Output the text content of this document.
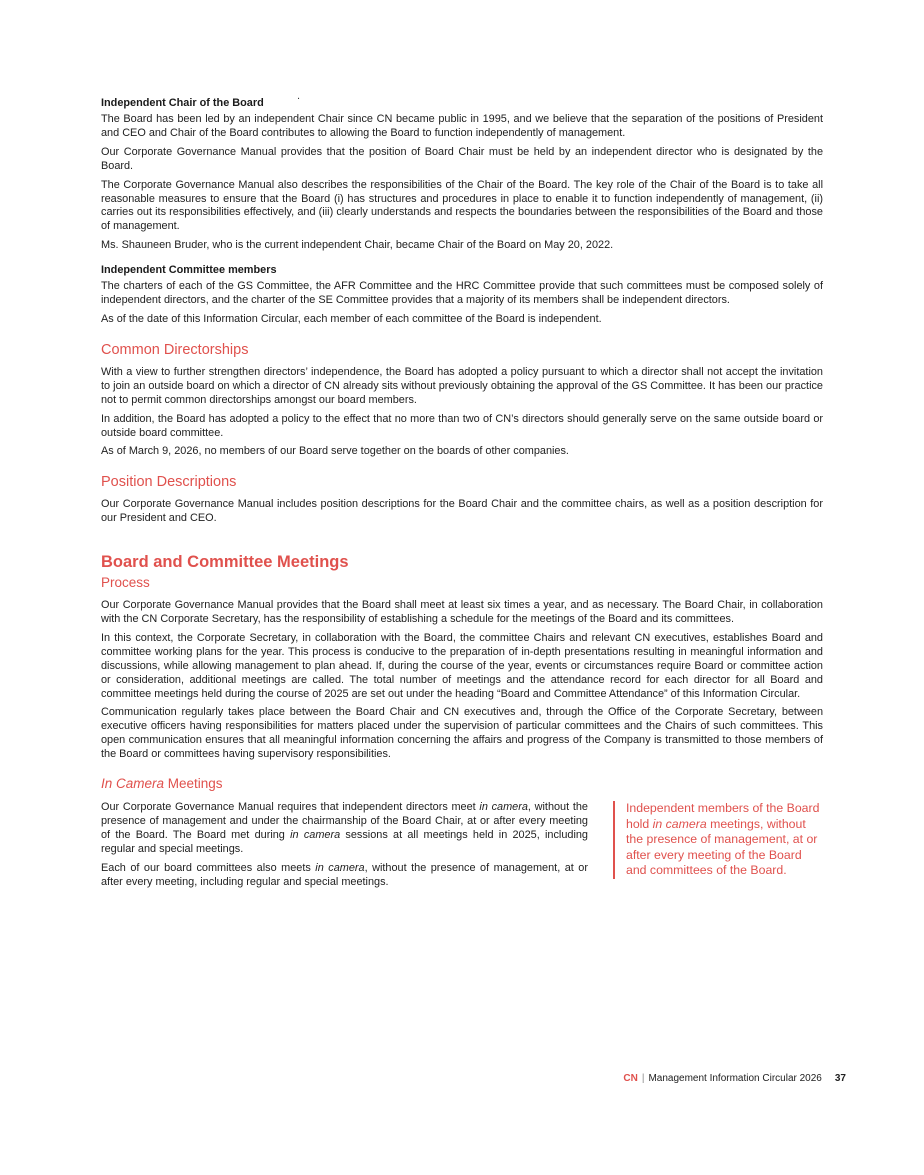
.
Independent Chair of the Board

The Board has been led by an independent Chair since CN became public in 1995, and we believe that the separation of the positions of President and CEO and Chair of the Board contributes to allowing the Board to function independently of management.

Our Corporate Governance Manual provides that the position of Board Chair must be held by an independent director who is designated by the Board.

The Corporate Governance Manual also describes the responsibilities of the Chair of the Board. The key role of the Chair of the Board is to take all reasonable measures to ensure that the Board (i) has structures and procedures in place to enable it to function independently of management, (ii) carries out its responsibilities effectively, and (iii) clearly understands and respects the boundaries between the responsibilities of the Board and those of management.

Ms. Shauneen Bruder, who is the current independent Chair, became Chair of the Board on May 20, 2022.

Independent Committee members

The charters of each of the GS Committee, the AFR Committee and the HRC Committee provide that such committees must be composed solely of independent directors, and the charter of the SE Committee provides that a majority of its members shall be independent directors.

As of the date of this Information Circular, each member of each committee of the Board is independent.

Common Directorships

With a view to further strengthen directors’ independence, the Board has adopted a policy pursuant to which a director shall not accept the invitation to join an outside board on which a director of CN already sits without previously obtaining the approval of the GS Committee. It has been our practice not to permit common directorships amongst our board members.

In addition, the Board has adopted a policy to the effect that no more than two of CN’s directors should generally serve on the same outside board or outside board committee.

As of March 9, 2026, no members of our Board serve together on the boards of other companies.

Position Descriptions

Our Corporate Governance Manual includes position descriptions for the Board Chair and the committee chairs, as well as a position description for our President and CEO.

Board and Committee Meetings
Process

Our Corporate Governance Manual provides that the Board shall meet at least six times a year, and as necessary. The Board Chair, in collaboration with the CN Corporate Secretary, has the responsibility of establishing a schedule for the meetings of the Board and its committees.

In this context, the Corporate Secretary, in collaboration with the Board, the committee Chairs and relevant CN executives, establishes Board and committee working plans for the year. This process is conducive to the preparation of in-depth presentations resulting in meaningful information and discussions, while allowing management to plan ahead. If, during the course of the year, events or circumstances require Board or committee action or consideration, additional meetings are called. The total number of meetings and the attendance record for each director for all Board and committee meetings held during the course of 2025 are set out under the heading “Board and Committee Attendance” of this Information Circular.

Communication regularly takes place between the Board Chair and CN executives and, through the Office of the Corporate Secretary, between executive officers having responsibilities for matters placed under the supervision of particular committees and the Chairs of such committees. This open communication ensures that all meaningful information concerning the affairs and progress of the Company is transmitted to those members of the Board or committees having supervisory responsibilities.

In Camera Meetings

Our Corporate Governance Manual requires that independent directors meet in camera, without the presence of management and under the chairmanship of the Board Chair, at or after every meeting of the Board. The Board met during in camera sessions at all meetings held in 2025, including regular and special meetings.

Each of our board committees also meets in camera, without the presence of management, at or after every meeting, including regular and special meetings.

Independent members of the Board hold in camera meetings, without the presence of management, at or after every meeting of the Board and committees of the Board.
CN | Management Information Circular 2026 37
